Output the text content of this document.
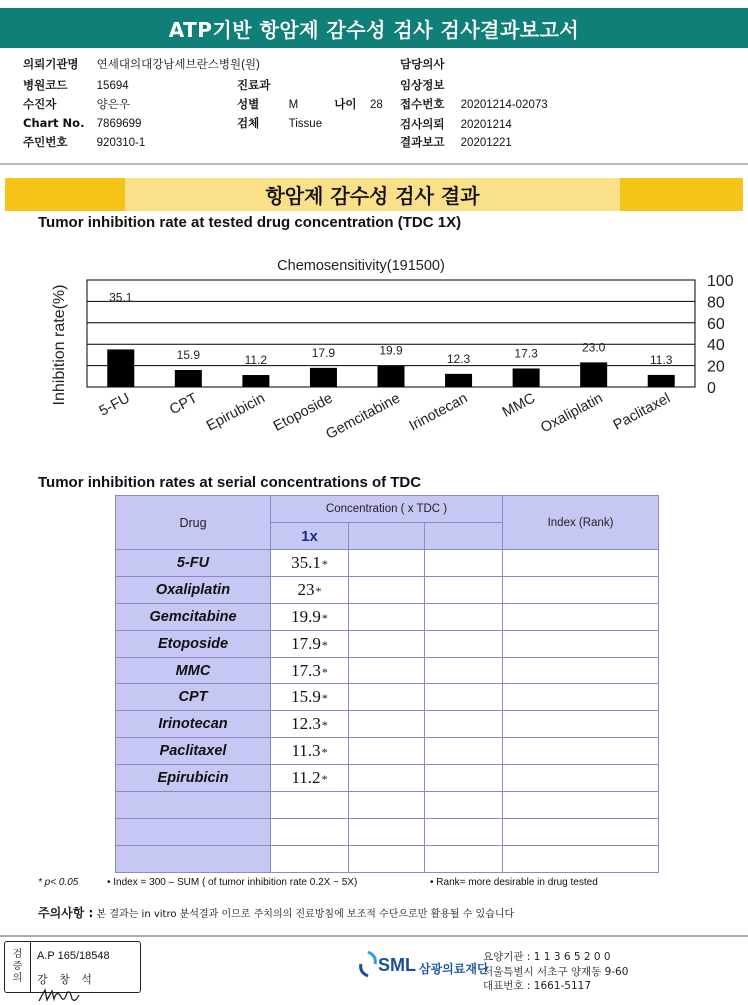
ATP기반 항암제 감수성 검사 검사결과보고서
의뢰기관명 연세대의대강남세브란스병원(원)
병원코드	15694
수진자	양은우
Chart No. 7869699
주민번호	920310-1
진료과
성별	M	나이 28
검체	Tissue
담당의사
임상정보
접수번호 20201214-02073
검사의뢰 20201214
결과보고 20201221
항암제 감수성 검사 결과
Tumor inhibition rate at tested drug concentration (TDC 1X)
Chemosensitivity(191500)
Inhibition rate(%)
100
80
60
40
20
0
35.1
15.9	11.2
17.9	19.9
12.3	17.3	23.0
11.3
5-FU CPT Epirubicin Etoposide
Gemcitabine Irinotecan MMC Oxaliplatin Paclitaxel
Tumor inhibition rates at serial concentrations of TDC
Drug	Concentration ( x TDC )			Index (Rank)
	1x			
5-FU	35.1*			
Oxaliplatin	23*			
Gemcitabine	19.9*			
Etoposide	17.9*			
MMC	17.3*			
CPT	15.9*			
Irinotecan	12.3*			
Paclitaxel	11.3*			
Epirubicin	11.2*			

* p< 0.05	• Index = 300 – SUM ( of tumor inhibition rate 0.2X ~ 5X)	• Rank= more desirable in drug tested
주의사항 : 본 결과는 in vitro 분석결과 이므로 주치의의 진료방침에 보조적 수단으로만 활용될 수 있습니다
검
증
의
A.P 165/18548
강 창 석
SML 삼광의료재단
요양기관 : 1 1 3 6 5 2 0 0
서울특별시 서초구 양재동 9-60
대표번호 : 1661-5117
